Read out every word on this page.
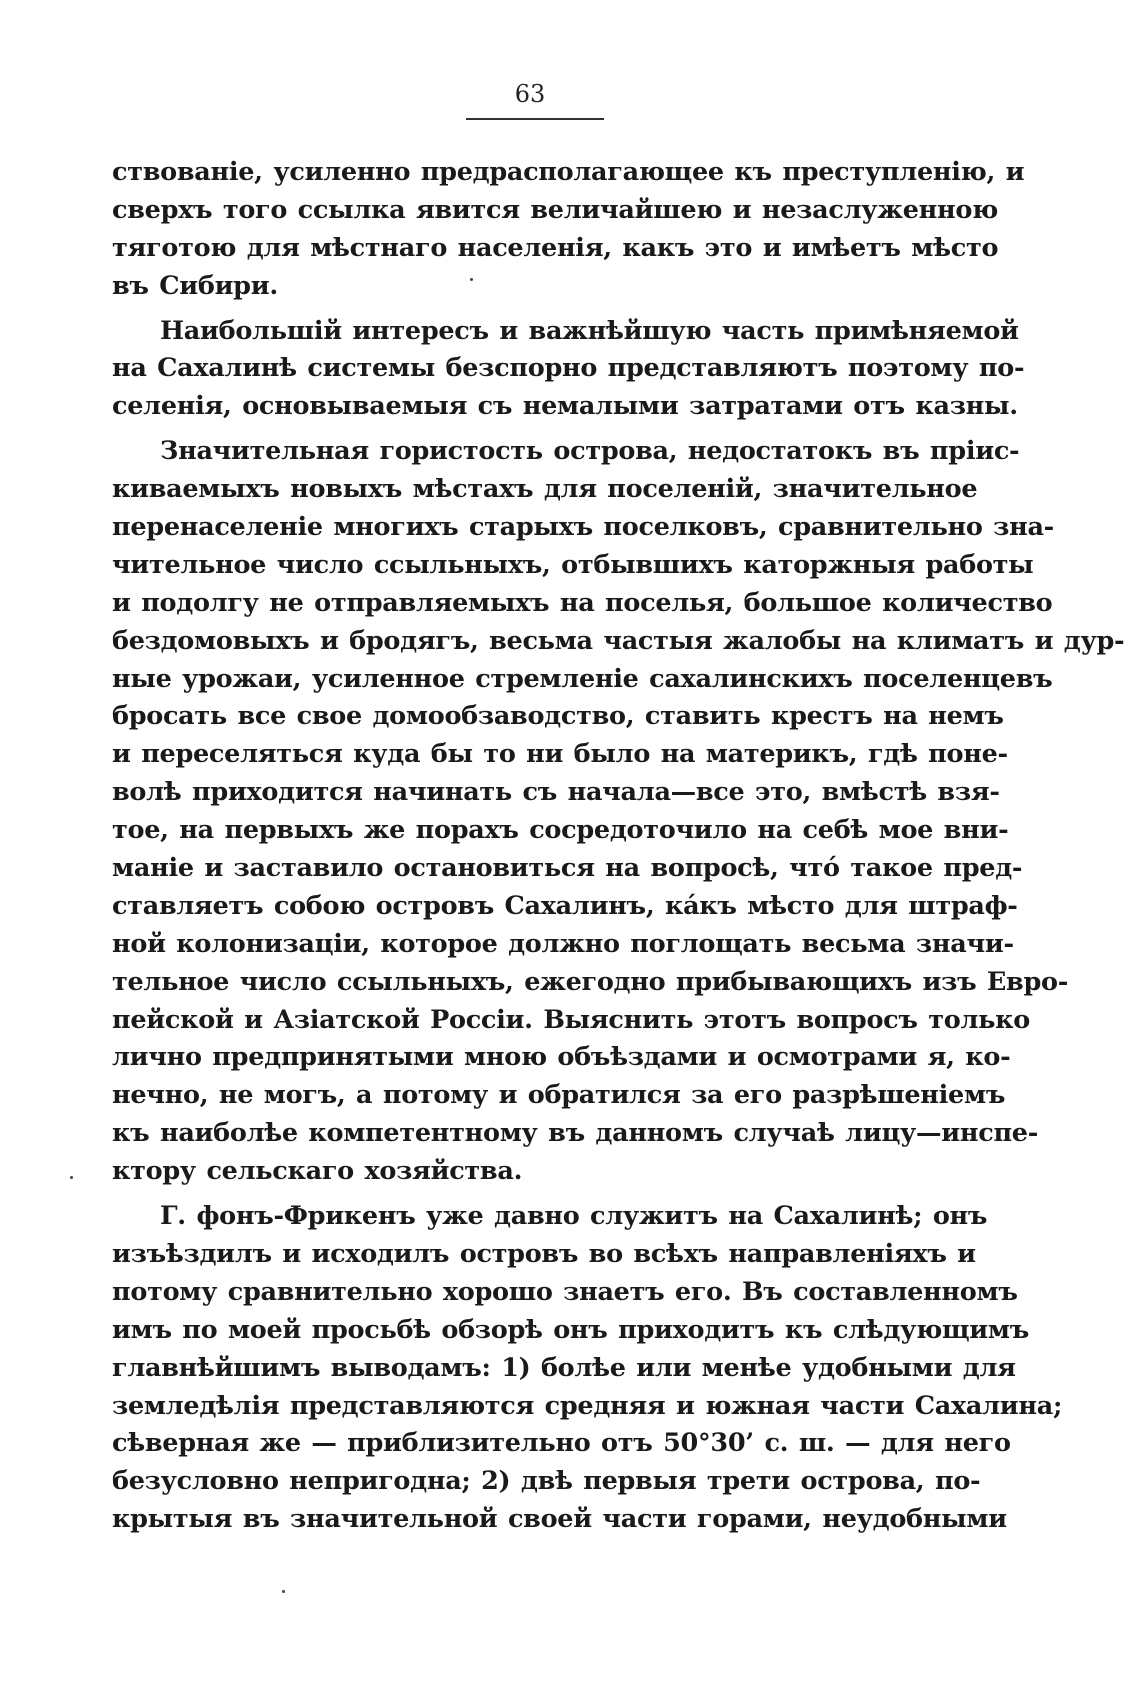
63
ствованіе, усиленно предрасполагающее къ преступленію, и
сверхъ того ссылка явится величайшею и незаслуженною
тяготою для мѣстнаго населенія, какъ это и имѣетъ мѣсто
въ Сибири.
Наибольшій интересъ и важнѣйшую часть примѣняемой
на Сахалинѣ системы безспорно представляютъ поэтому по-
селенія, основываемыя съ немалыми затратами отъ казны.
Значительная гористость острова, недостатокъ въ пріис-
киваемыхъ новыхъ мѣстахъ для поселеній, значительное
перенаселеніе многихъ старыхъ поселковъ, сравнительно зна-
чительное число ссыльныхъ, отбывшихъ каторжныя работы
и подолгу не отправляемыхъ на поселья, большое количество
бездомовыхъ и бродягъ, весьма частыя жалобы на климатъ и дур-
ные урожаи, усиленное стремленіе сахалинскихъ поселенцевъ
бросать все свое домообзаводство, ставить крестъ на немъ
и переселяться куда бы то ни было на материкъ, гдѣ поне-
волѣ приходится начинать съ начала—все это, вмѣстѣ взя-
тое, на первыхъ же порахъ сосредоточило на себѣ мое вни-
маніе и заставило остановиться на вопросѣ, чтó такое пред-
ставляетъ собою островъ Сахалинъ, кáкъ мѣсто для штраф-
ной колонизаціи, которое должно поглощать весьма значи-
тельное число ссыльныхъ, ежегодно прибывающихъ изъ Евро-
пейской и Азіатской Россіи. Выяснить этотъ вопросъ только
лично предпринятыми мною объѣздами и осмотрами я, ко-
нечно, не могъ, а потому и обратился за его разрѣшеніемъ
къ наиболѣе компетентному въ данномъ случаѣ лицу—инспе-
ктору сельскаго хозяйства.
Г. фонъ-Фрикенъ уже давно служитъ на Сахалинѣ; онъ
изъѣздилъ и исходилъ островъ во всѣхъ направленіяхъ и
потому сравнительно хорошо знаетъ его. Въ составленномъ
имъ по моей просьбѣ обзорѣ онъ приходитъ къ слѣдующимъ
главнѣйшимъ выводамъ: 1) болѣе или менѣе удобными для
земледѣлія представляются средняя и южная части Сахалина;
сѣверная же — приблизительно отъ 50°30’ с. ш. — для него
безусловно непригодна; 2) двѣ первыя трети острова, по-
крытыя въ значительной своей части горами, неудобными
